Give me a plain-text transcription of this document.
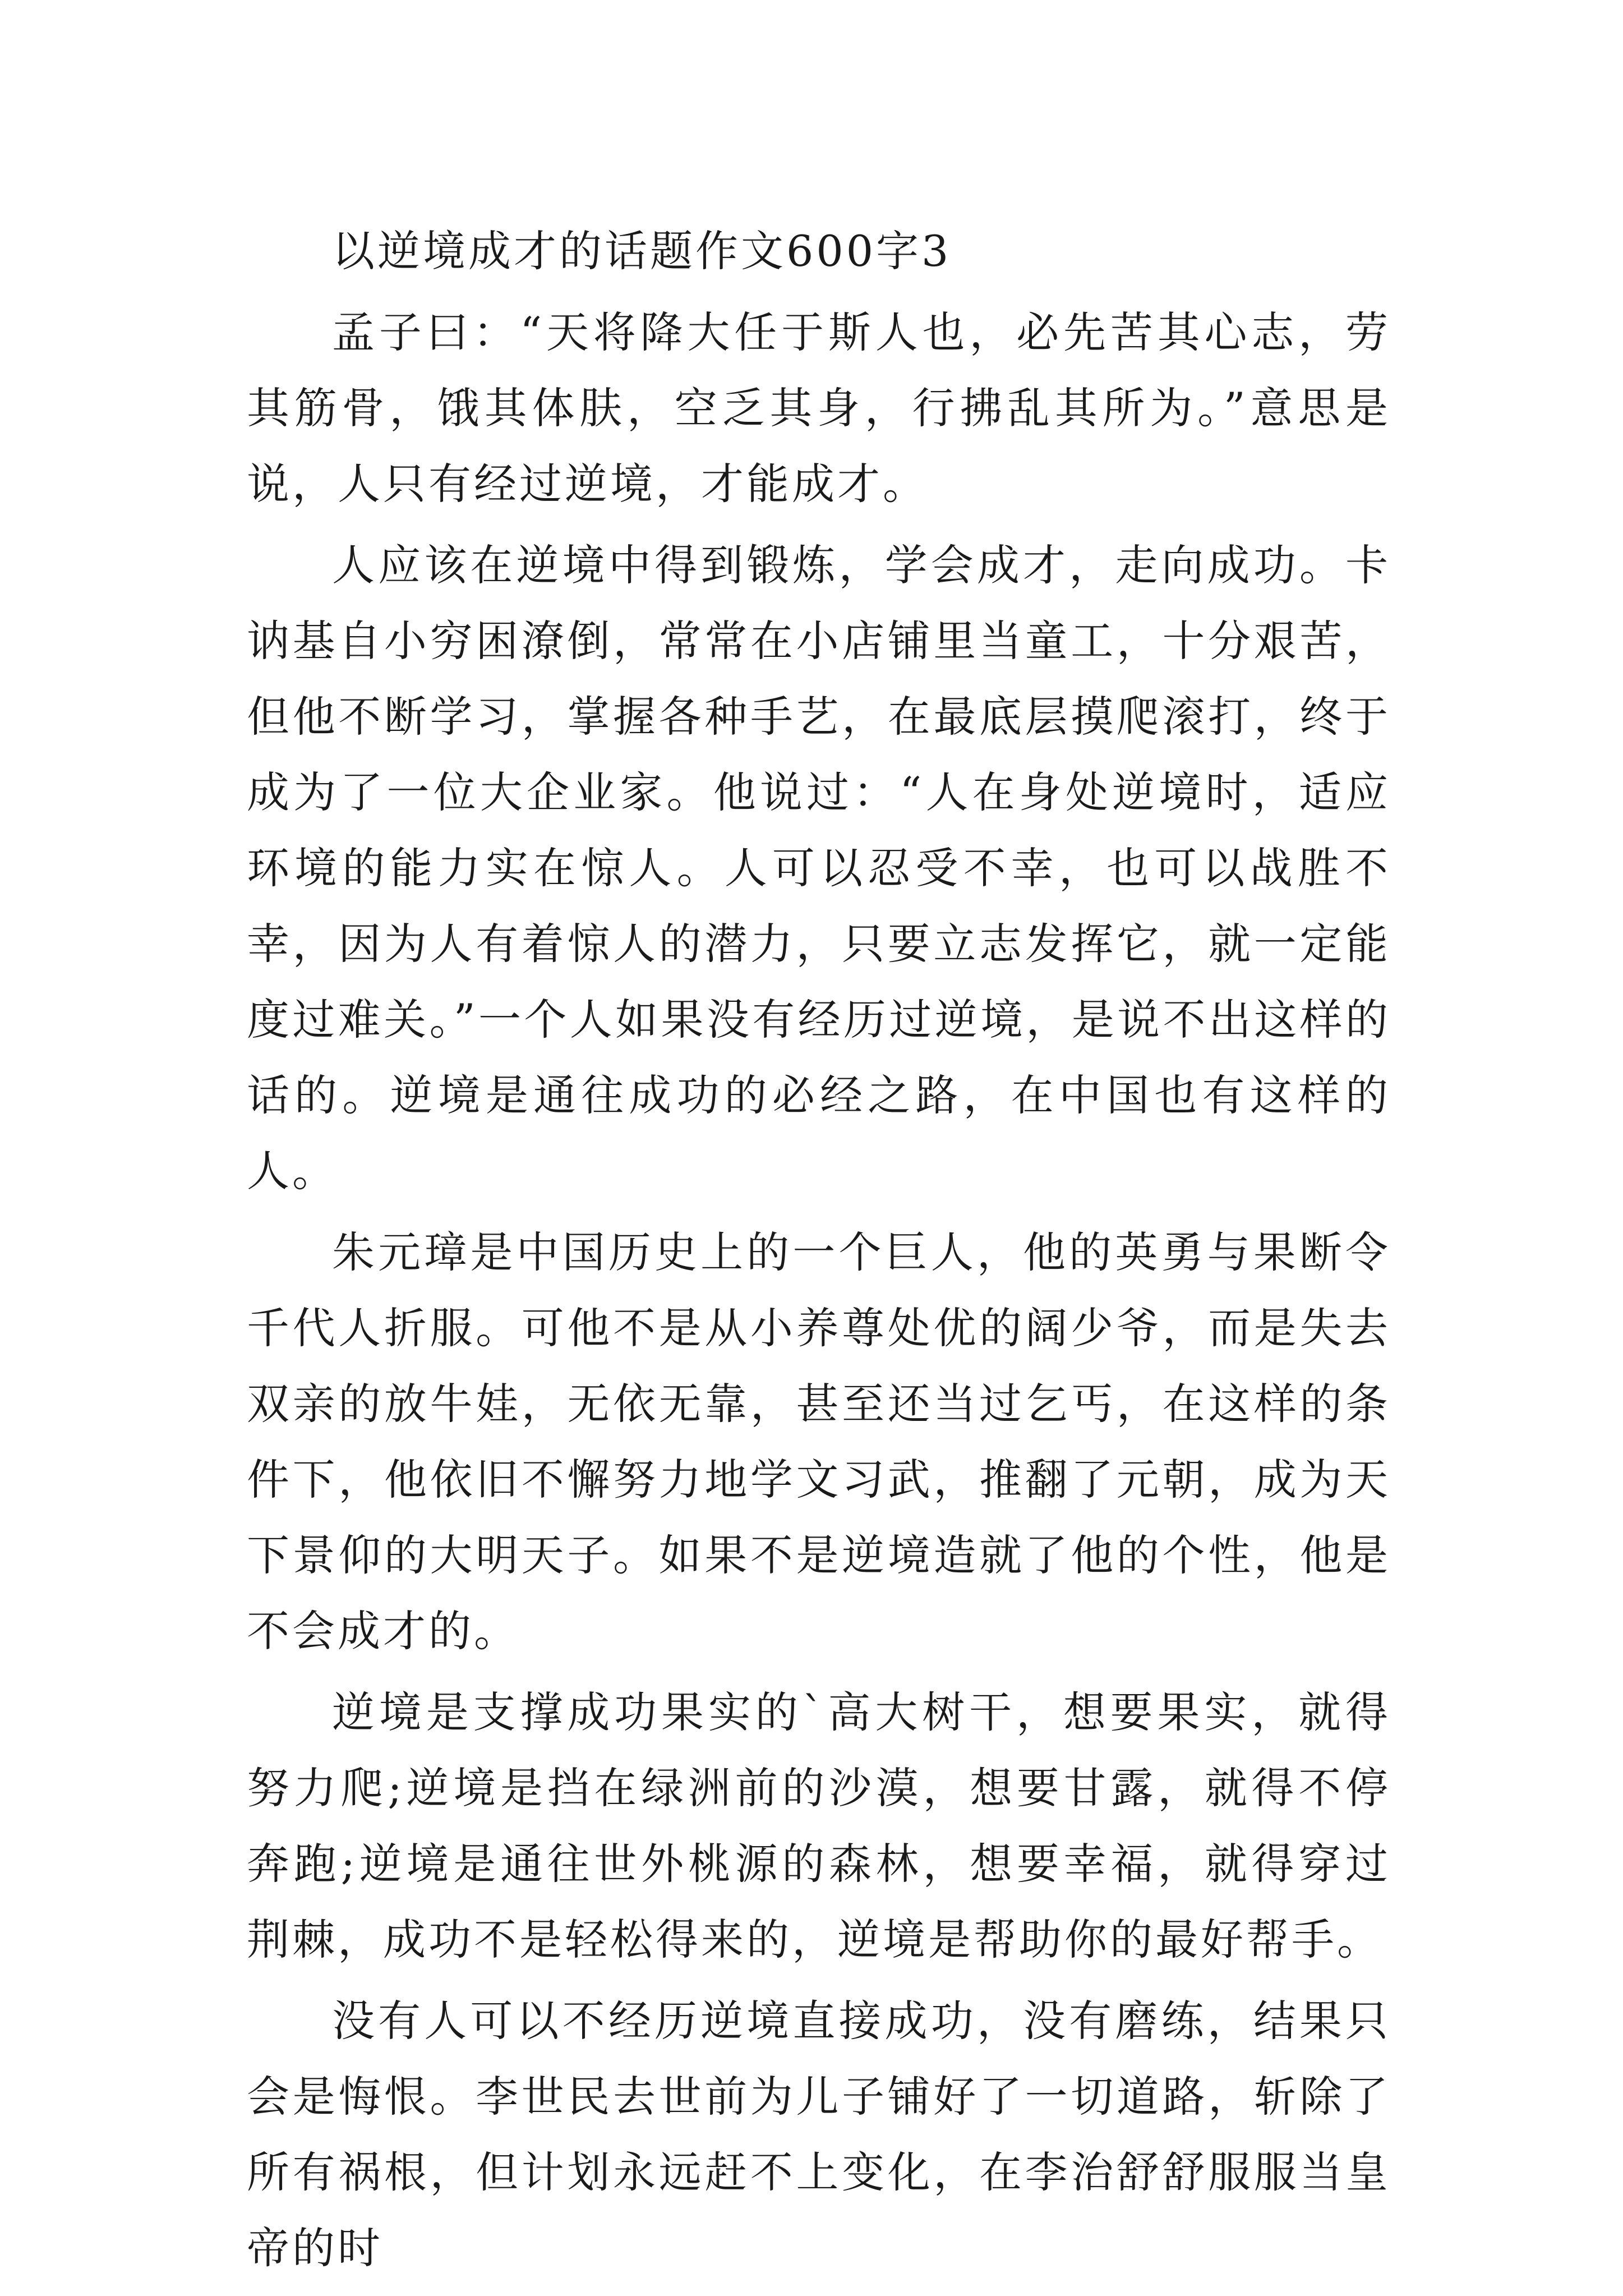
以逆境成才的话题作文600字3

孟子曰：“天将降大任于斯人也，必先苦其心志，劳其筋骨，饿其体肤，空乏其身，行拂乱其所为。”意思是说，人只有经过逆境，才能成才。

人应该在逆境中得到锻炼，学会成才，走向成功。卡讷基自小穷困潦倒，常常在小店铺里当童工，十分艰苦，但他不断学习，掌握各种手艺，在最底层摸爬滚打，终于成为了一位大企业家。他说过：“人在身处逆境时，适应环境的能力实在惊人。人可以忍受不幸，也可以战胜不幸，因为人有着惊人的潜力，只要立志发挥它，就一定能度过难关。”一个人如果没有经历过逆境，是说不出这样的话的。逆境是通往成功的必经之路，在中国也有这样的人。

朱元璋是中国历史上的一个巨人，他的英勇与果断令千代人折服。可他不是从小养尊处优的阔少爷，而是失去双亲的放牛娃，无依无靠，甚至还当过乞丐，在这样的条件下，他依旧不懈努力地学文习武，推翻了元朝，成为天下景仰的大明天子。如果不是逆境造就了他的个性，他是不会成才的。

逆境是支撑成功果实的`高大树干，想要果实，就得努力爬;逆境是挡在绿洲前的沙漠，想要甘露，就得不停奔跑;逆境是通往世外桃源的森林，想要幸福，就得穿过荆棘，成功不是轻松得来的，逆境是帮助你的最好帮手。

没有人可以不经历逆境直接成功，没有磨练，结果只会是悔恨。李世民去世前为儿子铺好了一切道路，斩除了所有祸根，但计划永远赶不上变化，在李治舒舒服服当皇帝的时
